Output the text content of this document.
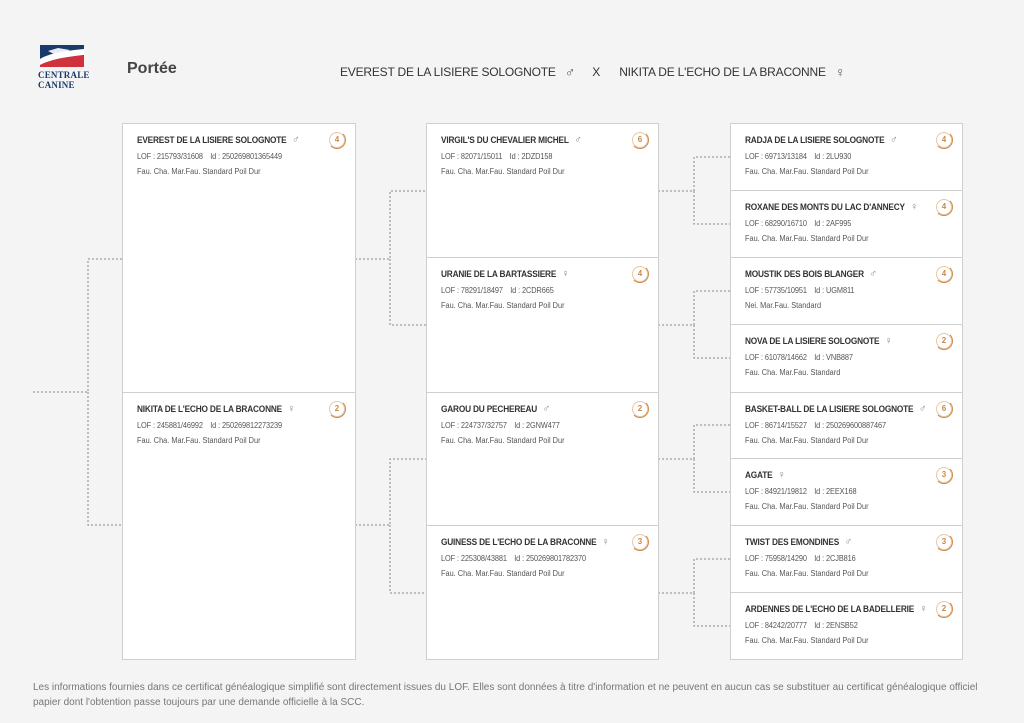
CENTRALE
CANINE
Portée	EVEREST DE LA LISIERE SOLOGNOTE ♂ X NIKITA DE L'ECHO DE LA BRACONNE ♀
EVEREST DE LA LISIERE SOLOGNOTE ♂
LOF : 215793/31608 Id : 250269801365449
Fau. Cha. Mar.Fau. Standard Poil Dur
4
NIKITA DE L'ECHO DE LA BRACONNE ♀
LOF : 245881/46992 Id : 250269812273239
Fau. Cha. Mar.Fau. Standard Poil Dur
2
VIRGIL'S DU CHEVALIER MICHEL ♂
LOF : 82071/15011 Id : 2DZD158
Fau. Cha. Mar.Fau. Standard Poil Dur
6
URANIE DE LA BARTASSIERE ♀
LOF : 78291/18497 Id : 2CDR665
Fau. Cha. Mar.Fau. Standard Poil Dur
4
GAROU DU PECHEREAU ♂
LOF : 224737/32757 Id : 2GNW477
Fau. Cha. Mar.Fau. Standard Poil Dur
2
GUINESS DE L'ECHO DE LA BRACONNE ♀
LOF : 225308/43881 Id : 250269801782370
Fau. Cha. Mar.Fau. Standard Poil Dur
3
RADJA DE LA LISIERE SOLOGNOTE ♂
LOF : 69713/13184 Id : 2LU930
Fau. Cha. Mar.Fau. Standard Poil Dur
4
ROXANE DES MONTS DU LAC D'ANNECY ♀
LOF : 68290/16710 Id : 2AF995
Fau. Cha. Mar.Fau. Standard Poil Dur
4
MOUSTIK DES BOIS BLANGER ♂
LOF : 57735/10951 Id : UGM811
Nei. Mar.Fau. Standard
4
NOVA DE LA LISIERE SOLOGNOTE ♀
LOF : 61078/14662 Id : VNB887
Fau. Cha. Mar.Fau. Standard
2
BASKET-BALL DE LA LISIERE SOLOGNOTE ♂
LOF : 86714/15527 Id : 250269600887467
Fau. Cha. Mar.Fau. Standard Poil Dur
6
AGATE ♀
LOF : 84921/19812 Id : 2EEX168
Fau. Cha. Mar.Fau. Standard Poil Dur
3
TWIST DES EMONDINES ♂
LOF : 75958/14290 Id : 2CJB816
Fau. Cha. Mar.Fau. Standard Poil Dur
3
ARDENNES DE L'ECHO DE LA BADELLERIE ♀
LOF : 84242/20777 Id : 2ENSB52
Fau. Cha. Mar.Fau. Standard Poil Dur
2
Les informations fournies dans ce certificat généalogique simplifié sont directement issues du LOF. Elles sont données à titre d'information et ne peuvent en aucun cas se substituer au certificat généalogique officiel papier dont l'obtention passe toujours par une demande officielle à la SCC.
